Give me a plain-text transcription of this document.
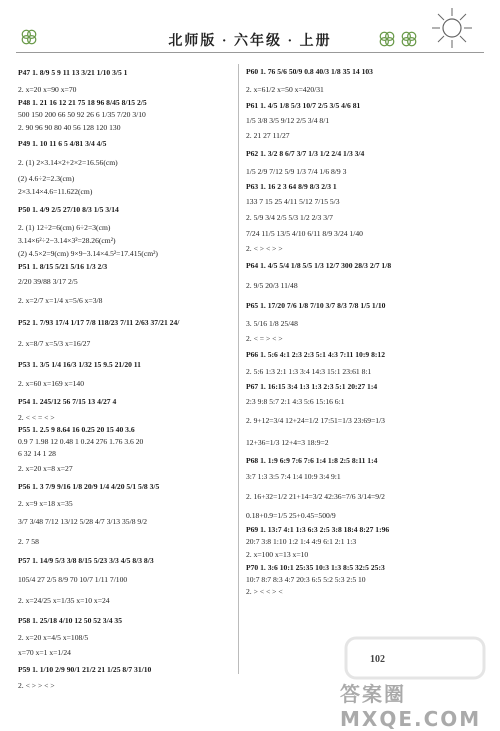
北师版 · 六年级 · 上册
P47 1. 8/9 5 9 11 13 3/21 1/10 3/5 1
2. x=20 x=90 x=70
P48 1. 21 16 12 21 75 18 96 8/45 8/15 2/5
500 150 200 66 50 92 26 6 1/35 7/20 3/10
2. 90 96 90 80 40 56 128 120 130
P49 1. 10 11 6 5 4/81 3/4 4/5
2. (1) 2×3.14×2+2×2=16.56(cm)
(2) 4.6÷2=2.3(cm)
2×3.14×4.6=11.622(cm)
P50 1. 4/9 2/5 27/10 8/3 1/5 3/14
2. (1) 12÷2=6(cm) 6÷2=3(cm)
3.14×6²÷2−3.14×3²=28.26(cm²)
(2) 4.5×2=9(cm) 9×9−3.14×4.5²=17.415(cm²)
P51 1. 8/15 5/21 5/16 1/3 2/3
2/20 39/88 3/17 2/5
2. x=2/7 x=1/4 x=5/6 x=3/8
P52 1. 7/93 17/4 1/17 7/8 118/23 7/11 2/63 37/21 24/
2. x=8/7 x=5/3 x=16/27
P53 1. 3/5 1/4 16/3 1/32 15 9.5 21/20 11
2. x=60 x=169 x=140
P54 1. 245/12 56 7/15 13 4/27 4
2. < < = < >
P55 1. 2.5 9 8.64 16 0.25 20 15 40 3.6
0.9 7 1.98 12 0.48 1 0.24 276 1.76 3.6 20
6 32 14 1 28
2. x=20 x=8 x=27
P56 1. 3 7/9 9/16 1/8 20/9 1/4 4/20 5/1 5/8 3/5
2. x=9 x=18 x=35
3/7 3/48 7/12 13/12 5/28 4/7 3/13 35/8 9/2
2. 7 58
P57 1. 14/9 5/3 3/8 8/15 5/23 3/3 4/5 8/3 8/3
105/4 27 2/5 8/9 70 10/7 1/11 7/100
2. x=24/25 x=1/35 x=10 x=24
P58 1. 25/18 4/10 12 50 52 3/4 35
2. x=20 x=4/5 x=108/5
x=70 x=1 x=1/24
P59 1. 1/10 2/9 90/1 21/2 21 1/25 8/7 31/10
2. < > > < >
P60 1. 76 5/6 50/9 0.8 40/3 1/8 35 14 103
2. x=61/2 x=50 x=420/31
P61 1. 4/5 1/8 5/3 10/7 2/5 3/5 4/6 81
1/5 3/8 3/5 9/12 2/5 3/4 8/1
2. 21 27 11/27
P62 1. 3/2 8 6/7 3/7 1/3 1/2 2/4 1/3 3/4
1/5 2/9 7/12 5/9 1/3 7/4 1/6 8/9 3
P63 1. 16 2 3 64 8/9 8/3 2/3 1
133 7 15 25 4/11 5/12 7/15 5/3
2. 5/9 3/4 2/5 5/3 1/2 2/3 3/7
7/24 11/5 13/5 4/10 6/11 8/9 3/24 1/40
2. < > < > >
P64 1. 4/5 5/4 1/8 5/5 1/3 12/7 300 28/3 2/7 1/8
2. 9/5 20/3 11/48
P65 1. 17/20 7/6 1/8 7/10 3/7 8/3 7/8 1/5 1/10
3. 5/16 1/8 25/48
2. < = > < >
P66 1. 5:6 4:1 2:3 2:3 5:1 4:3 7:11 10:9 8:12
2. 5:6 1:3 2:1 1:3 3:4 14:3 15:1 23:61 8:1
P67 1. 16:15 3:4 1:3 1:3 2:3 5:1 20:27 1:4
2:3 9:8 5:7 2:1 4:3 5:6 15:16 6:1
2. 9+12=3/4 12+24=1/2 17:51=1/3 23:69=1/3
12+36=1/3 12+4=3 18:9=2
P68 1. 1:9 6:9 7:6 7:6 1:4 1:8 2:5 8:11 1:4
3:7 1:3 3:5 7:4 1:4 10:9 3:4 9:1
2. 16+32=1/2 21+14=3/2 42:36=7/6 3/14=9/2
0.18+0.9=1/5 25+0.45=500/9
P69 1. 13:7 4:1 1:3 6:3 2:5 3:8 18:4 8:27 1:96
20:7 3:8 1:10 1:2 1:4 4:9 6:1 2:1 1:3
2. x=100 x=13 x=10
P70 1. 3:6 10:1 25:35 10:3 1:3 8:5 32:5 25:3
10:7 8:7 8:3 4:7 20:3 6:5 5:2 5:3 2:5 10
2. > < < > <
102
答案圈 MXQE.COM
